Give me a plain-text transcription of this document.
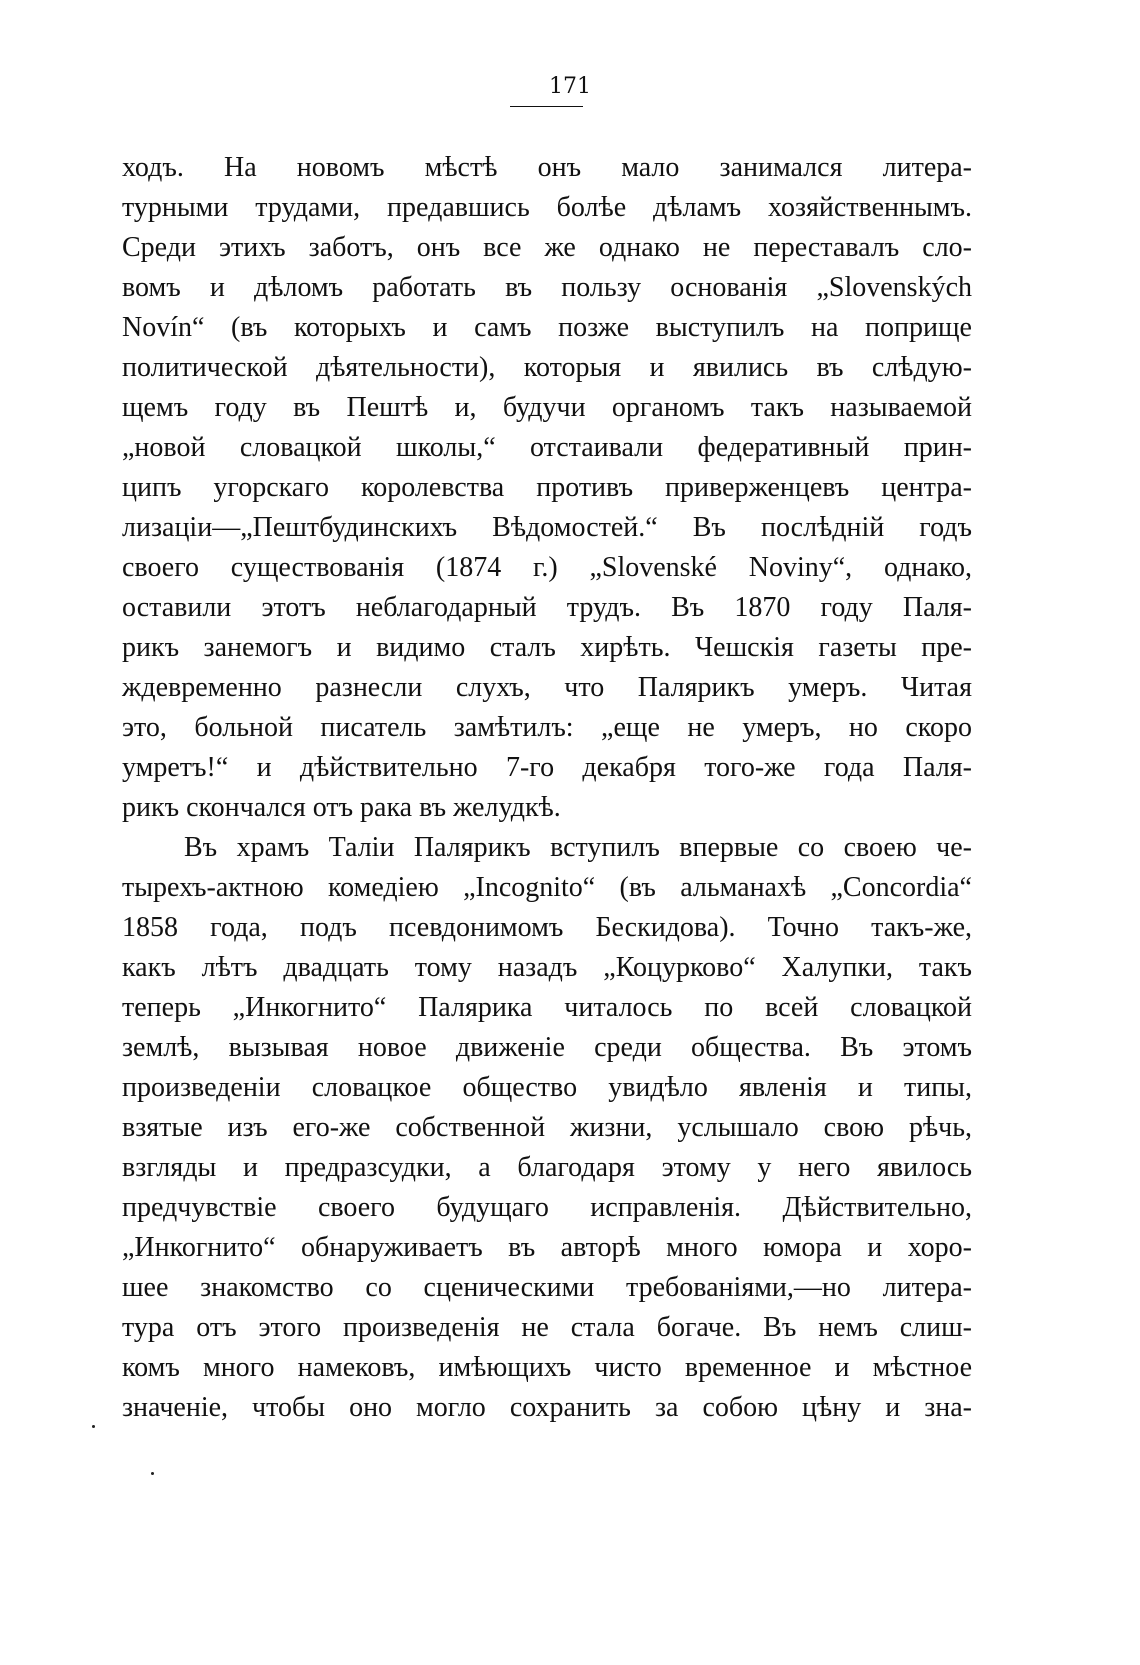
171
ходъ. На новомъ мѣстѣ онъ мало занимался литера-
турными трудами, предавшись болѣе дѣламъ хозяйственнымъ.
Среди этихъ заботъ, онъ все же однако не переставалъ сло-
вомъ и дѣломъ работать въ пользу основанія „Slovenských
Novín“ (въ которыхъ и самъ позже выступилъ на поприще
политической дѣятельности), которыя и явились въ слѣдую-
щемъ году въ Пештѣ и, будучи органомъ такъ называемой
„новой словацкой школы,“ отстаивали федеративный прин-
ципъ угорскаго королевства противъ приверженцевъ центра-
лизаціи—„Пештбудинскихъ Вѣдомостей.“ Въ послѣдній годъ
своего существованія (1874 г.) „Slovenské Noviny“, однако,
оставили этотъ неблагодарный трудъ. Въ 1870 году Паля-
рикъ занемогъ и видимо сталъ хирѣть. Чешскія газеты пре-
ждевременно разнесли слухъ, что Палярикъ умеръ. Читая
это, больной писатель замѣтилъ: „еще не умеръ, но скоро
умретъ!“ и дѣйствительно 7-го декабря того-же года Паля-
рикъ скончался отъ рака въ желудкѣ.
Въ храмъ Таліи Палярикъ вступилъ впервые со своею че-
тырехъ-актною комедіею „Incognito“ (въ альманахѣ „Concordia“
1858 года, подъ псевдонимомъ Бескидова). Точно такъ-же,
какъ лѣтъ двадцать тому назадъ „Коцурково“ Халупки, такъ
теперь „Инкогнито“ Палярика читалось по всей словацкой
землѣ, вызывая новое движеніе среди общества. Въ этомъ
произведеніи словацкое общество увидѣло явленія и типы,
взятые изъ его-же собственной жизни, услышало свою рѣчь,
взгляды и предразсудки, а благодаря этому у него явилось
предчувствіе своего будущаго исправленія. Дѣйствительно,
„Инкогнито“ обнаруживаетъ въ авторѣ много юмора и хоро-
шее знакомство со сценическими требованіями,—но литера-
тура отъ этого произведенія не стала богаче. Въ немъ слиш-
комъ много намековъ, имѣющихъ чисто временное и мѣстное
значеніе, чтобы оно могло сохранить за собою цѣну и зна-
